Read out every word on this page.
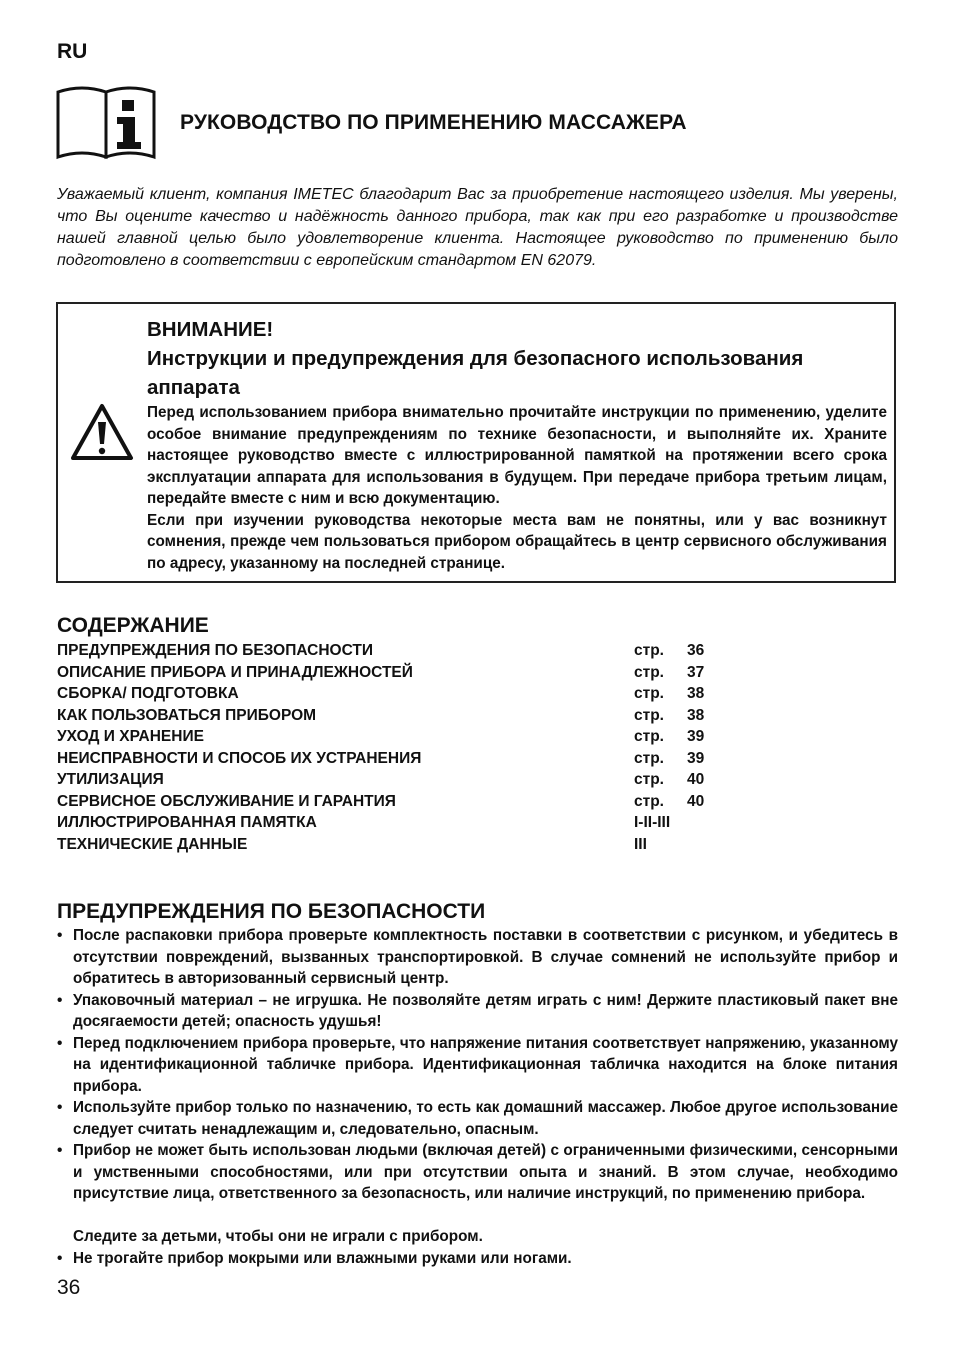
RU
РУКОВОДСТВО ПО ПРИМЕНЕНИЮ МАССАЖЕРА

Уважаемый клиент, компания IMETEC благодарит Вас за приобретение настоящего изделия. Мы уверены, что Вы оцените качество и надёжность данного прибора, так как при его разработке и производстве нашей главной целью было удовлетворение клиента. Настоящее руководство по применению было подготовлено в соответствии с европейским стандартом EN 62079.

ВНИМАНИЕ!
Инструкции и предупреждения для безопасного использования аппарата

Перед использованием прибора внимательно прочитайте инструкции по применению, уделите особое внимание предупреждениям по технике безопасности, и выполняйте их. Храните настоящее руководство вместе с иллюстрированной памяткой на протяжении всего срока эксплуатации аппарата для использования в будущем. При передаче прибора третьим лицам, передайте вместе с ним и всю документацию.

Если при изучении руководства некоторые места вам не понятны, или у вас возникнут сомнения, прежде чем пользоваться прибором обращайтесь в центр сервисного обслуживания по адресу, указанному на последней странице.

СОДЕРЖАНИЕ
ПРЕДУПРЕЖДЕНИЯ ПО БЕЗОПАСНОСТИ	стр. 36
ОПИСАНИЕ ПРИБОРА И ПРИНАДЛЕЖНОСТЕЙ	стр. 37
СБОРКА/ ПОДГОТОВКА	стр. 38
КАК ПОЛЬЗОВАТЬСЯ ПРИБОРОМ	стр. 38
УХОД И ХРАНЕНИЕ	стр. 39
НЕИСПРАВНОСТИ И СПОСОБ ИХ УСТРАНЕНИЯ	стр. 39
УТИЛИЗАЦИЯ	стр. 40
СЕРВИСНОЕ ОБСЛУЖИВАНИЕ И ГАРАНТИЯ	стр. 40
ИЛЛЮСТРИРОВАННАЯ ПАМЯТКА	I-II-III
ТЕХНИЧЕСКИЕ ДАННЫЕ	III
ПРЕДУПРЕЖДЕНИЯ ПО БЕЗОПАСНОСТИ
• После распаковки прибора проверьте комплектность поставки в соответствии с рисунком, и убедитесь в отсутствии повреждений, вызванных транспортировкой. В случае сомнений не используйте прибор и обратитесь в авторизованный сервисный центр.
• Упаковочный материал – не игрушка. Не позволяйте детям играть с ним! Держите пластиковый пакет вне досягаемости детей; опасность удушья!
• Перед подключением прибора проверьте, что напряжение питания соответствует напряжению, указанному на идентификационной табличке прибора. Идентификационная табличка находится на блоке питания прибора.
• Используйте прибор только по назначению, то есть как домашний массажер. Любое другое использование следует считать ненадлежащим и, следовательно, опасным.
• Прибор не может быть использован людьми (включая детей) с ограниченными физическими, сенсорными и умственными способностями, или при отсутствии опыта и знаний. В этом случае, необходимо присутствие лица, ответственного за безопасность, или наличие инструкций, по применению прибора.
Следите за детьми, чтобы они не играли с прибором.
• Не трогайте прибор мокрыми или влажными руками или ногами.
36
